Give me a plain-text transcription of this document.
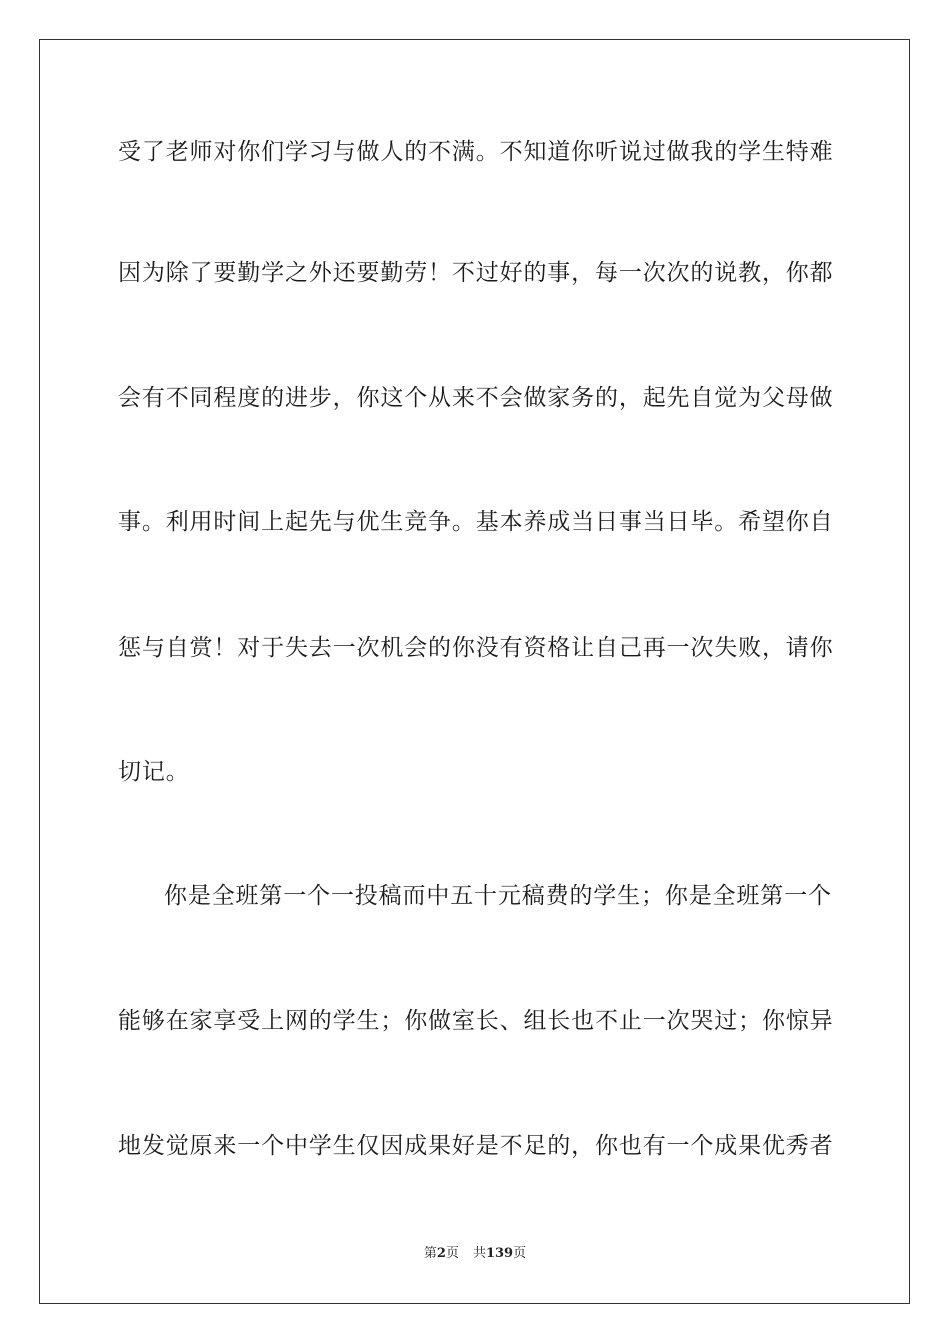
受了老师对你们学习与做人的不满。不知道你听说过做我的学生特难
因为除了要勤学之外还要勤劳！不过好的事，每一次次的说教，你都
会有不同程度的进步，你这个从来不会做家务的，起先自觉为父母做
事。利用时间上起先与优生竞争。基本养成当日事当日毕。希望你自
惩与自赏！对于失去一次机会的你没有资格让自己再一次失败，请你
切记。
你是全班第一个一投稿而中五十元稿费的学生；你是全班第一个
能够在家享受上网的学生；你做室长、组长也不止一次哭过；你惊异
地发觉原来一个中学生仅因成果好是不足的，你也有一个成果优秀者
第2页 共139页
